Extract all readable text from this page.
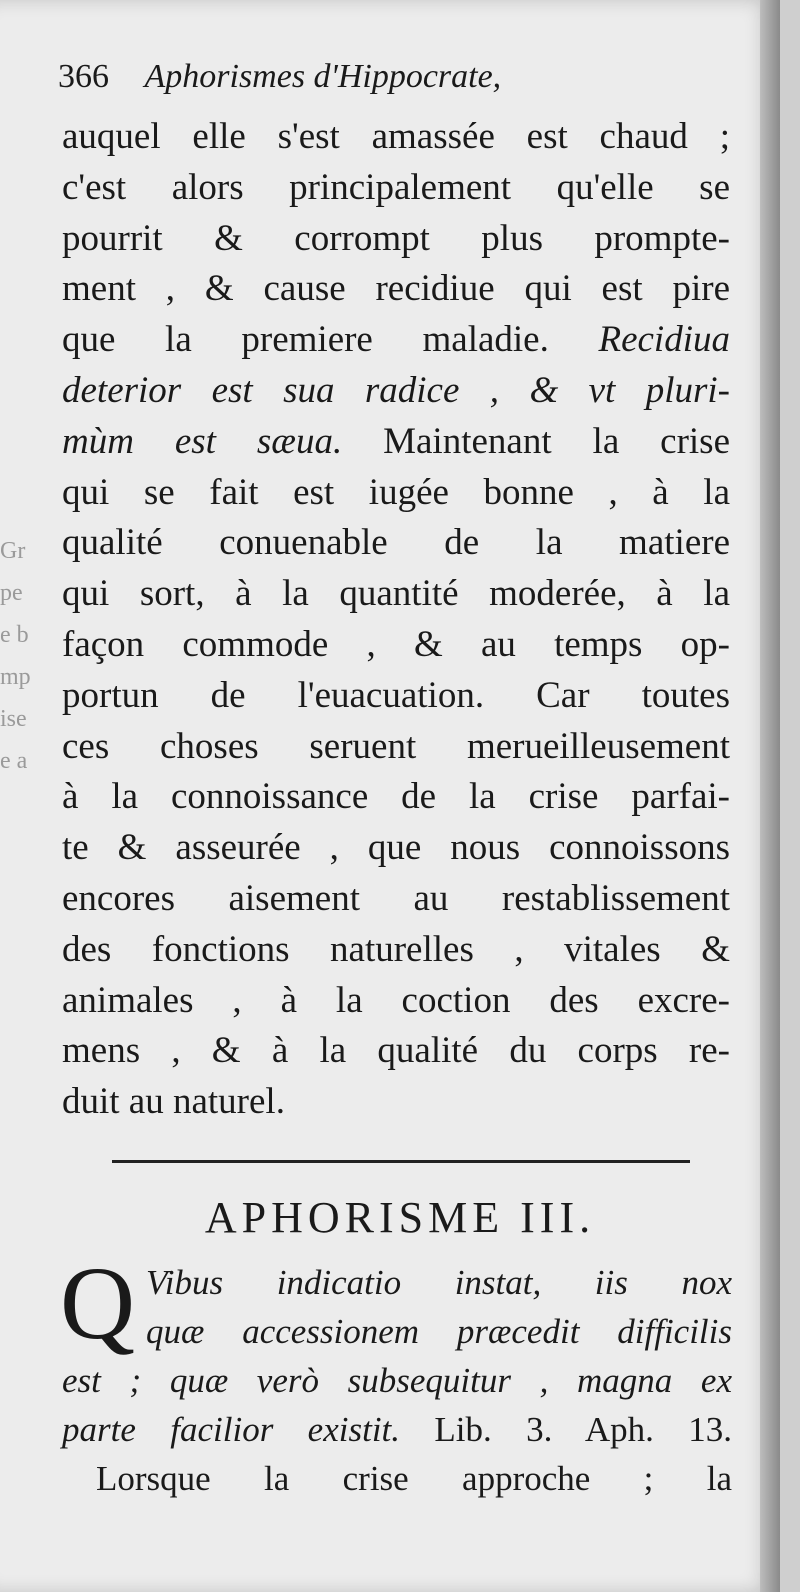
Gr
pe
e b
mp
ise
e a
366 Aphorismes d'Hippocrate,
auquel elle s'est amassée est chaud ;
c'est alors principalement qu'elle se
pourrit & corrompt plus prompte-
ment , & cause recidiue qui est pire
que la premiere maladie. Recidiua
deterior est sua radice , & vt pluri-
mùm est sæua. Maintenant la crise
qui se fait est iugée bonne , à la
qualité conuenable de la matiere
qui sort, à la quantité moderée, à la
façon commode , & au temps op-
portun de l'euacuation. Car toutes
ces choses seruent merueilleusement
à la connoissance de la crise parfai-
te & asseurée , que nous connoissons
encores aisement au restablissement
des fonctions naturelles , vitales &
animales , à la coction des excre-
mens , & à la qualité du corps re-
duit au naturel.
APHORISME III.
Q Vibus indicatio instat, iis nox
quæ accessionem præcedit difficilis
est ; quæ verò subsequitur , magna ex
parte facilior existit. Lib. 3. Aph. 13.
Lorsque la crise approche ; la
